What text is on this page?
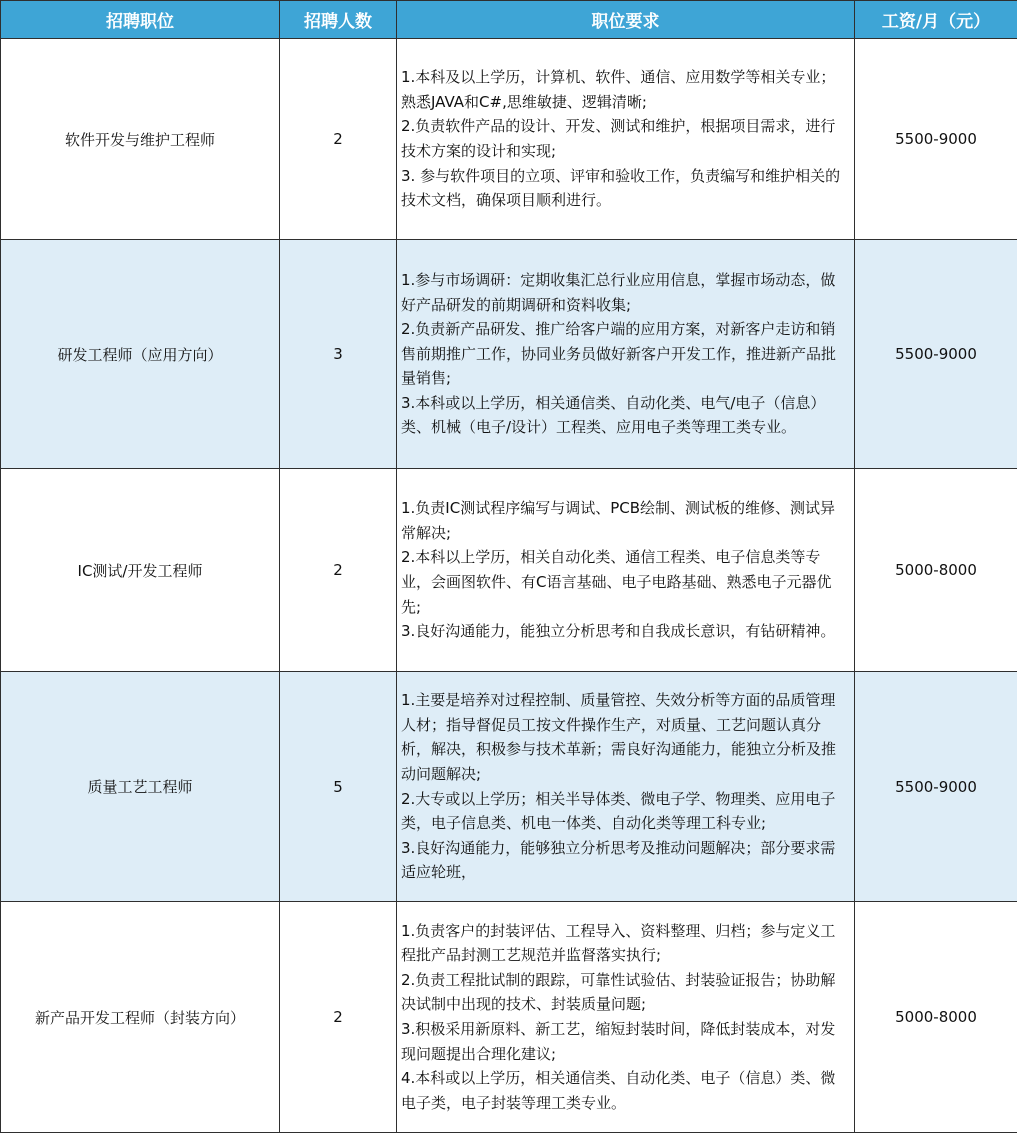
招聘职位	招聘人数	职位要求	工资/月（元）
软件开发与维护工程师	2	1.本科及以上学历，计算机、软件、通信、应用数学等相关专业；熟悉JAVA和C#,思维敏捷、逻辑清晰;
2.负责软件产品的设计、开发、测试和维护，根据项目需求，进行技术方案的设计和实现;
3. 参与软件项目的立项、评审和验收工作，负责编写和维护相关的技术文档，确保项目顺利进行。	5500-9000
研发工程师（应用方向）	3	1.参与市场调研：定期收集汇总行业应用信息，掌握市场动态，做好产品研发的前期调研和资料收集;
2.负责新产品研发、推广给客户端的应用方案，对新客户走访和销售前期推广工作，协同业务员做好新客户开发工作，推进新产品批量销售;
3.本科或以上学历，相关通信类、自动化类、电气/电子（信息）类、机械（电子/设计）工程类、应用电子类等理工类专业。	5500-9000
IC测试/开发工程师	2	1.负责IC测试程序编写与调试、PCB绘制、测试板的维修、测试异常解决;
2.本科以上学历，相关自动化类、通信工程类、电子信息类等专业，会画图软件、有C语言基础、电子电路基础、熟悉电子元器优先;
3.良好沟通能力，能独立分析思考和自我成长意识，有钻研精神。	5000-8000
质量工艺工程师	5	1.主要是培养对过程控制、质量管控、失效分析等方面的品质管理人材；指导督促员工按文件操作生产，对质量、工艺问题认真分析，解决，积极参与技术革新；需良好沟通能力，能独立分析及推动问题解决;
2.大专或以上学历；相关半导体类、微电子学、物理类、应用电子类，电子信息类、机电一体类、自动化类等理工科专业;
3.良好沟通能力，能够独立分析思考及推动问题解决；部分要求需适应轮班，	5500-9000
新产品开发工程师（封装方向）	2	1.负责客户的封装评估、工程导入、资料整理、归档；参与定义工程批产品封测工艺规范并监督落实执行;
2.负责工程批试制的跟踪，可靠性试验估、封装验证报告；协助解决试制中出现的技术、封装质量问题;
3.积极采用新原料、新工艺，缩短封装时间，降低封装成本，对发现问题提出合理化建议;
4.本科或以上学历，相关通信类、自动化类、电子（信息）类、微电子类，电子封装等理工类专业。	5000-8000
